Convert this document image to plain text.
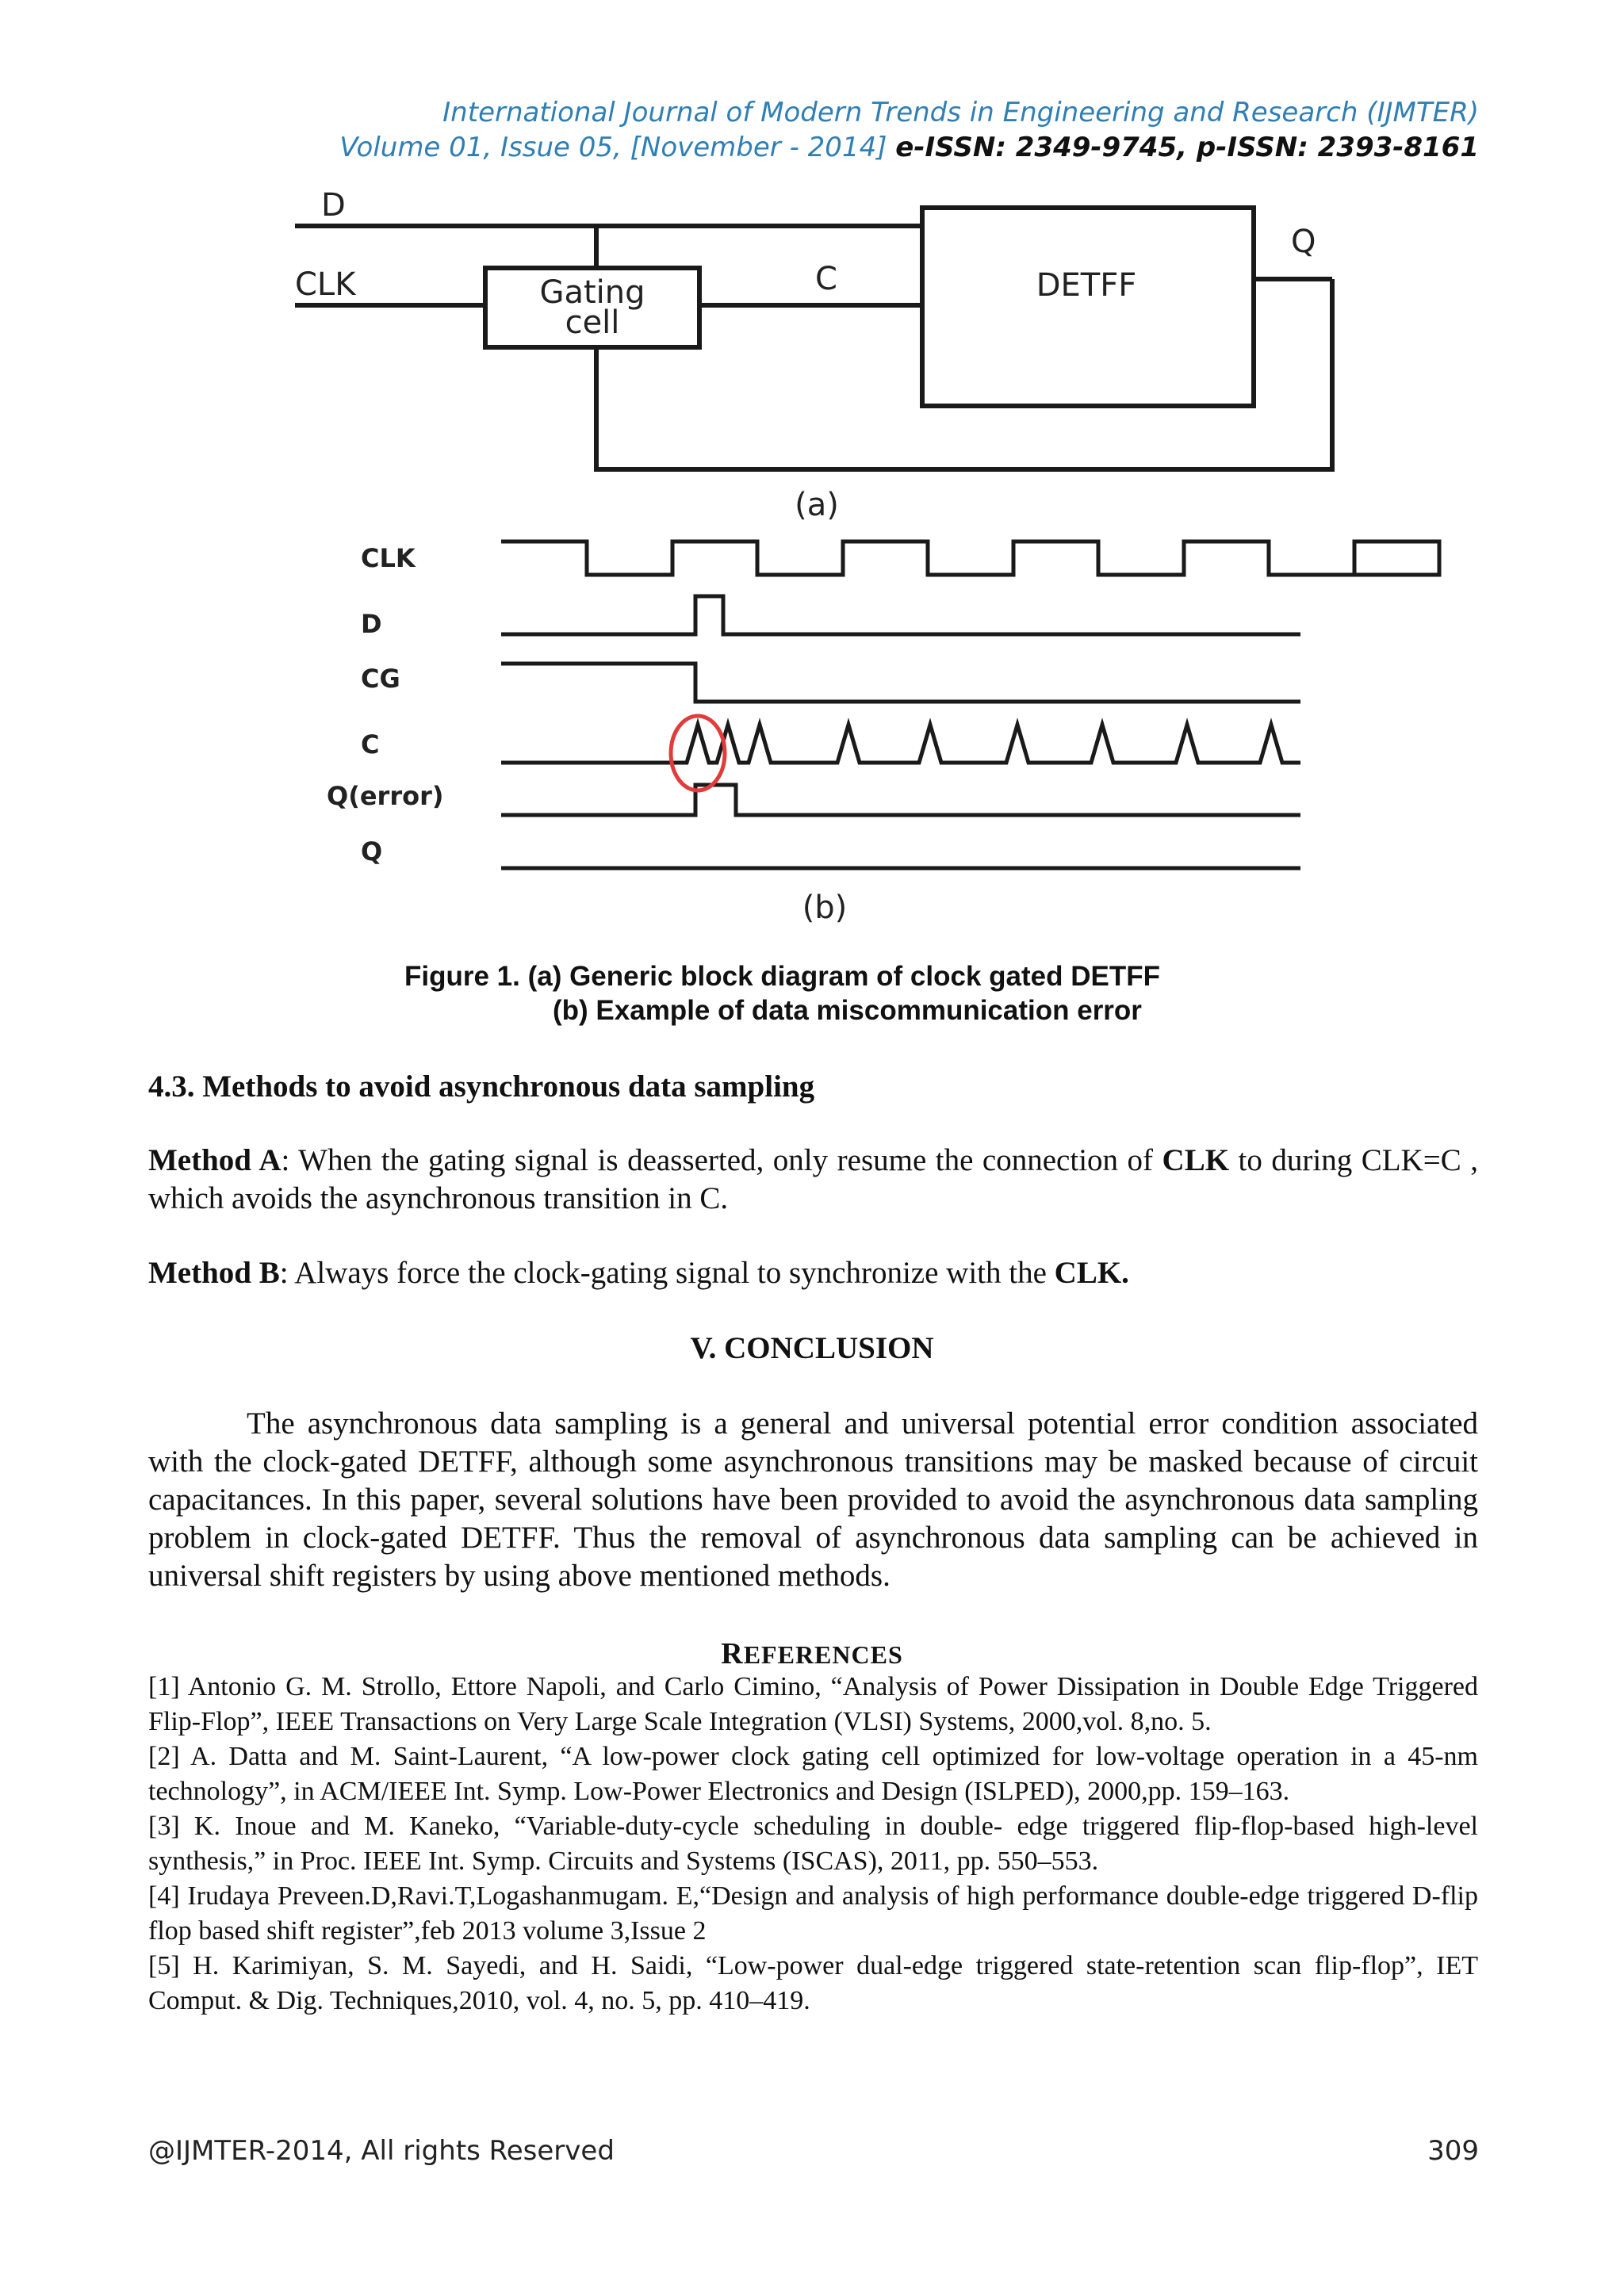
International Journal of Modern Trends in Engineering and Research (IJMTER)
Volume 01, Issue 05, [November - 2014] e-ISSN: 2349-9745, p-ISSN: 2393-8161
D
CLK	Gating
cell
C	DETFF
Q
(a)
CLK
D
CG
C
Q(error)
Q
(b)
Figure 1. (a) Generic block diagram of clock gated DETFF
(b) Example of data miscommunication error
4.3. Methods to avoid asynchronous data sampling
Method A: When the gating signal is deasserted, only resume the connection of CLK to during CLK=C , which avoids the asynchronous transition in C.
Method B: Always force the clock-gating signal to synchronize with the CLK.
V. CONCLUSION
The asynchronous data sampling is a general and universal potential error condition associated with the clock-gated DETFF, although some asynchronous transitions may be masked because of circuit capacitances. In this paper, several solutions have been provided to avoid the asynchronous data sampling problem in clock-gated DETFF. Thus the removal of asynchronous data sampling can be achieved in universal shift registers by using above mentioned methods.
REFERENCES

[1] Antonio G. M. Strollo, Ettore Napoli, and Carlo Cimino, “Analysis of Power Dissipation in Double Edge Triggered Flip-Flop”, IEEE Transactions on Very Large Scale Integration (VLSI) Systems, 2000,vol. 8,no. 5.

[2] A. Datta and M. Saint-Laurent, “A low-power clock gating cell optimized for low-voltage operation in a 45-nm technology”, in ACM/IEEE Int. Symp. Low-Power Electronics and Design (ISLPED), 2000,pp. 159–163.

[3] K. Inoue and M. Kaneko, “Variable-duty-cycle scheduling in double- edge triggered flip-flop-based high-level synthesis,” in Proc. IEEE Int. Symp. Circuits and Systems (ISCAS), 2011, pp. 550–553.

[4] Irudaya Preveen.D,Ravi.T,Logashanmugam. E,“Design and analysis of high performance double-edge triggered D-flip flop based shift register”,feb 2013 volume 3,Issue 2

[5] H. Karimiyan, S. M. Sayedi, and H. Saidi, “Low-power dual-edge triggered state-retention scan flip-flop”, IET Comput. & Dig. Techniques,2010, vol. 4, no. 5, pp. 410–419.

@IJMTER-2014, All rights Reserved	309
